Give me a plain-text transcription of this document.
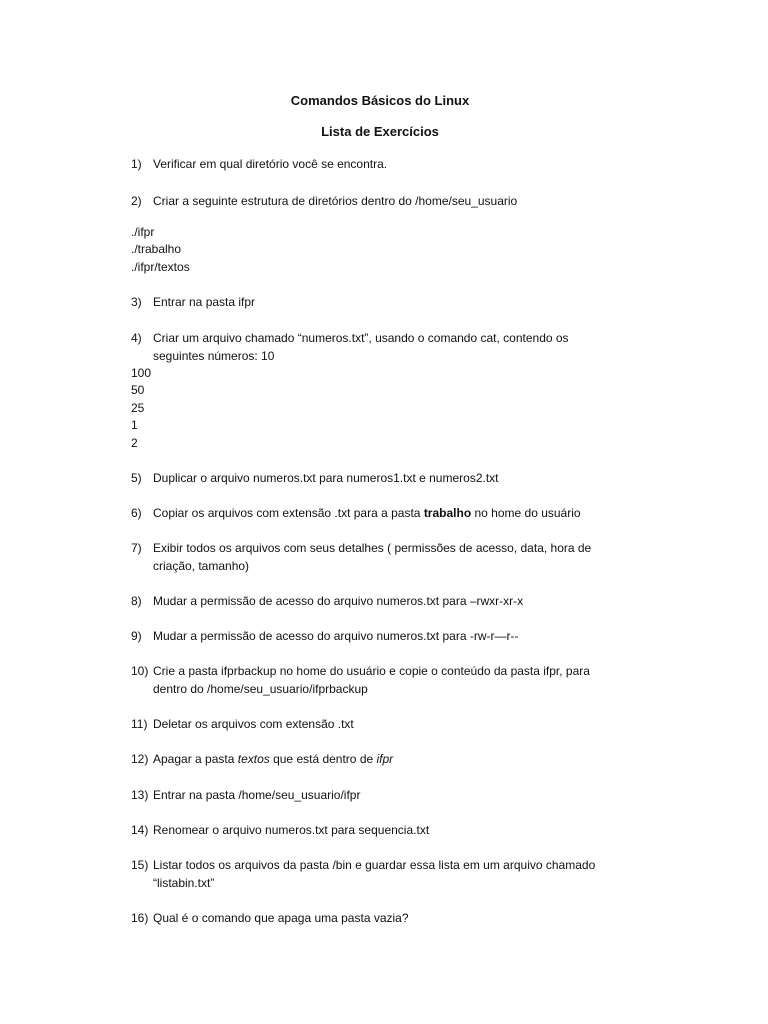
Comandos Básicos do Linux
Lista de Exercícios
1) Verificar em qual diretório você se encontra.
2) Criar a seguinte estrutura de diretórios dentro do /home/seu_usuario
./ifpr
./trabalho
./ifpr/textos
3) Entrar na pasta ifpr
4) Criar um arquivo chamado “numeros.txt”, usando o comando cat, contendo os
seguintes números: 10
100
50
25
1
2
5) Duplicar o arquivo numeros.txt para numeros1.txt e numeros2.txt
6) Copiar os arquivos com extensão .txt para a pasta trabalho no home do usuário
7) Exibir todos os arquivos com seus detalhes ( permissões de acesso, data, hora de
criação, tamanho)
8) Mudar a permissão de acesso do arquivo numeros.txt para –rwxr-xr-x
9) Mudar a permissão de acesso do arquivo numeros.txt para -rw-r—r--
10) Crie a pasta ifprbackup no home do usuário e copie o conteúdo da pasta ifpr, para
dentro do /home/seu_usuario/ifprbackup
11) Deletar os arquivos com extensão .txt
12) Apagar a pasta textos que está dentro de ifpr
13) Entrar na pasta /home/seu_usuario/ifpr
14) Renomear o arquivo numeros.txt para sequencia.txt
15) Listar todos os arquivos da pasta /bin e guardar essa lista em um arquivo chamado
“listabin.txt”
16) Qual é o comando que apaga uma pasta vazia?
